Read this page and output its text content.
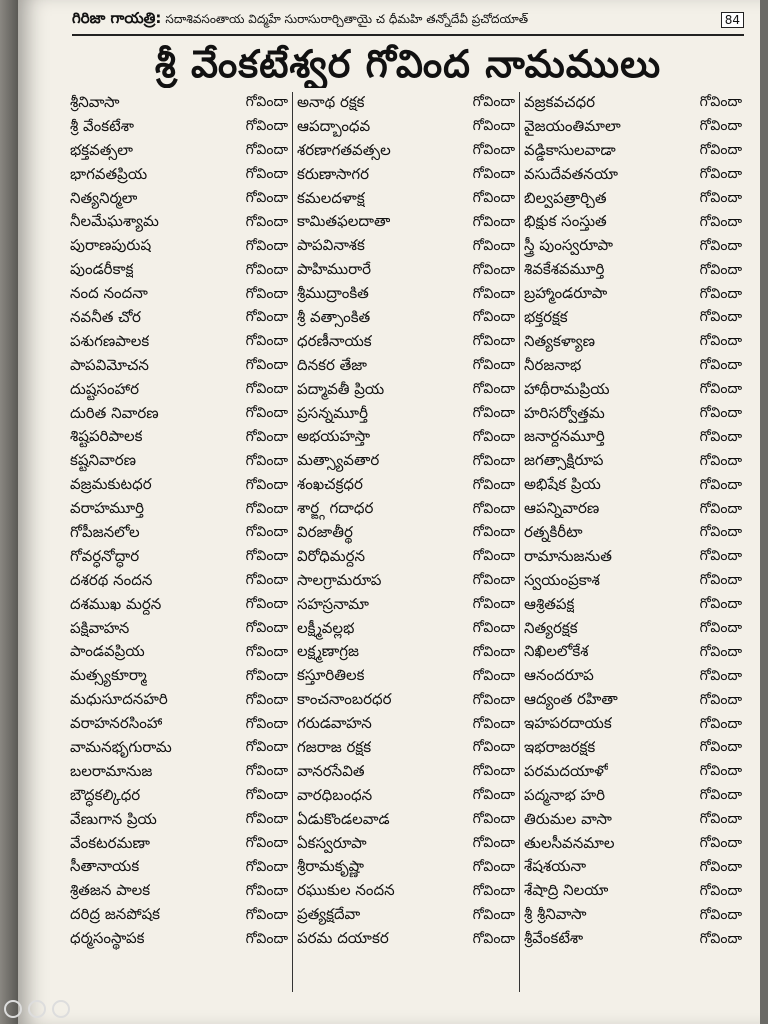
గిరిజా గాయత్రి: సదాశివసంతాయ విద్మహే సురాసురార్చితాయై చ ధీమహి తన్నోదేవీ ప్రచోదయాత్	84
శ్రీ వేంకటేశ్వర గోవింద నామములు
శ్రీనివాసా	గోవిందా
శ్రీ వేంకటేశా	గోవిందా
భక్తవత్సలా	గోవిందా
భాగవతప్రియ	గోవిందా
నిత్యనిర్మలా	గోవిందా
నీలమేఘశ్యామ	గోవిందా
పురాణపురుష	గోవిందా
పుండరీకాక్ష	గోవిందా
నంద నందనా	గోవిందా
నవనీత చోర	గోవిందా
పశుగణపాలక	గోవిందా
పాపవిమోచన	గోవిందా
దుష్టసంహార	గోవిందా
దురిత నివారణ	గోవిందా
శిష్టపరిపాలక	గోవిందా
కష్టనివారణ	గోవిందా
వజ్రమకుటధర	గోవిందా
వరాహమూర్తి	గోవిందా
గోపీజనలోల	గోవిందా
గోవర్ధనోద్ధార	గోవిందా
దశరథ నందన	గోవిందా
దశముఖ మర్దన	గోవిందా
పక్షివాహన	గోవిందా
పాండవప్రియ	గోవిందా
మత్స్యకూర్మా	గోవిందా
మధుసూదనహరి	గోవిందా
వరాహనరసింహా	గోవిందా
వామనభృగురామ	గోవిందా
బలరామానుజ	గోవిందా
బౌద్ధకల్కిధర	గోవిందా
వేణుగాన ప్రియ	గోవిందా
వేంకటరమణా	గోవిందా
సీతానాయక	గోవిందా
శ్రితజన పాలక	గోవిందా
దరిద్ర జనపోషక	గోవిందా
ధర్మసంస్థాపక	గోవిందా
అనాథ రక్షక	గోవిందా
ఆపద్బాంధవ	గోవిందా
శరణాగతవత్సల	గోవిందా
కరుణాసాగర	గోవిందా
కమలదళాక్ష	గోవిందా
కామితఫలదాతా	గోవిందా
పాపవినాశక	గోవిందా
పాహిమురారే	గోవిందా
శ్రీముద్రాంకిత	గోవిందా
శ్రీ వత్సాంకిత	గోవిందా
ధరణీనాయక	గోవిందా
దినకర తేజా	గోవిందా
పద్మావతీ ప్రియ	గోవిందా
ప్రసన్నమూర్తీ	గోవిందా
అభయహస్తా	గోవిందా
మత్స్యావతార	గోవిందా
శంఖచక్రధర	గోవిందా
శార్ఙ్గ గదాధర	గోవిందా
విరజాతీర్థ	గోవిందా
విరోధిమర్దన	గోవిందా
సాలగ్రామరూప	గోవిందా
సహస్రనామా	గోవిందా
లక్ష్మీవల్లభ	గోవిందా
లక్ష్మణాగ్రజ	గోవిందా
కస్తూరితిలక	గోవిందా
కాంచనాంబరధర	గోవిందా
గరుడవాహన	గోవిందా
గజరాజ రక్షక	గోవిందా
వానరసేవిత	గోవిందా
వారధిబంధన	గోవిందా
ఏడుకొండలవాడ	గోవిందా
ఏకస్వరూపా	గోవిందా
శ్రీరామకృష్ణా	గోవిందా
రఘుకుల నందన	గోవిందా
ప్రత్యక్షదేవా	గోవిందా
పరమ దయాకర	గోవిందా
వజ్రకవచధర	గోవిందా
వైజయంతిమాలా	గోవిందా
వడ్డికాసులవాడా	గోవిందా
వసుదేవతనయా	గోవిందా
బిల్వపత్రార్చిత	గోవిందా
భిక్షుక సంస్తుత	గోవిందా
స్త్రీ పుంస్వరూపా	గోవిందా
శివకేశవమూర్తి	గోవిందా
బ్రహ్మాండరూపా	గోవిందా
భక్తరక్షక	గోవిందా
నిత్యకళ్యాణ	గోవిందా
నీరజనాభ	గోవిందా
హాథీరామప్రియ	గోవిందా
హరిసర్వోత్తమ	గోవిందా
జనార్దనమూర్తి	గోవిందా
జగత్సాక్షిరూప	గోవిందా
అభిషేక ప్రియ	గోవిందా
ఆపన్నివారణ	గోవిందా
రత్నకిరీటా	గోవిందా
రామానుజనుత	గోవిందా
స్వయంప్రకాశ	గోవిందా
ఆశ్రితపక్ష	గోవిందా
నిత్యరక్షక	గోవిందా
నిఖిలలోకేశ	గోవిందా
ఆనందరూప	గోవిందా
ఆద్యంత రహితా	గోవిందా
ఇహపరదాయక	గోవిందా
ఇభరాజరక్షక	గోవిందా
పరమదయాళో	గోవిందా
పద్మనాభ హరి	గోవిందా
తిరుమల వాసా	గోవిందా
తులసీవనమాల	గోవిందా
శేషశయనా	గోవిందా
శేషాద్రి నిలయా	గోవిందా
శ్రీ శ్రీనివాసా	గోవిందా
శ్రీవేంకటేశా	గోవిందా
